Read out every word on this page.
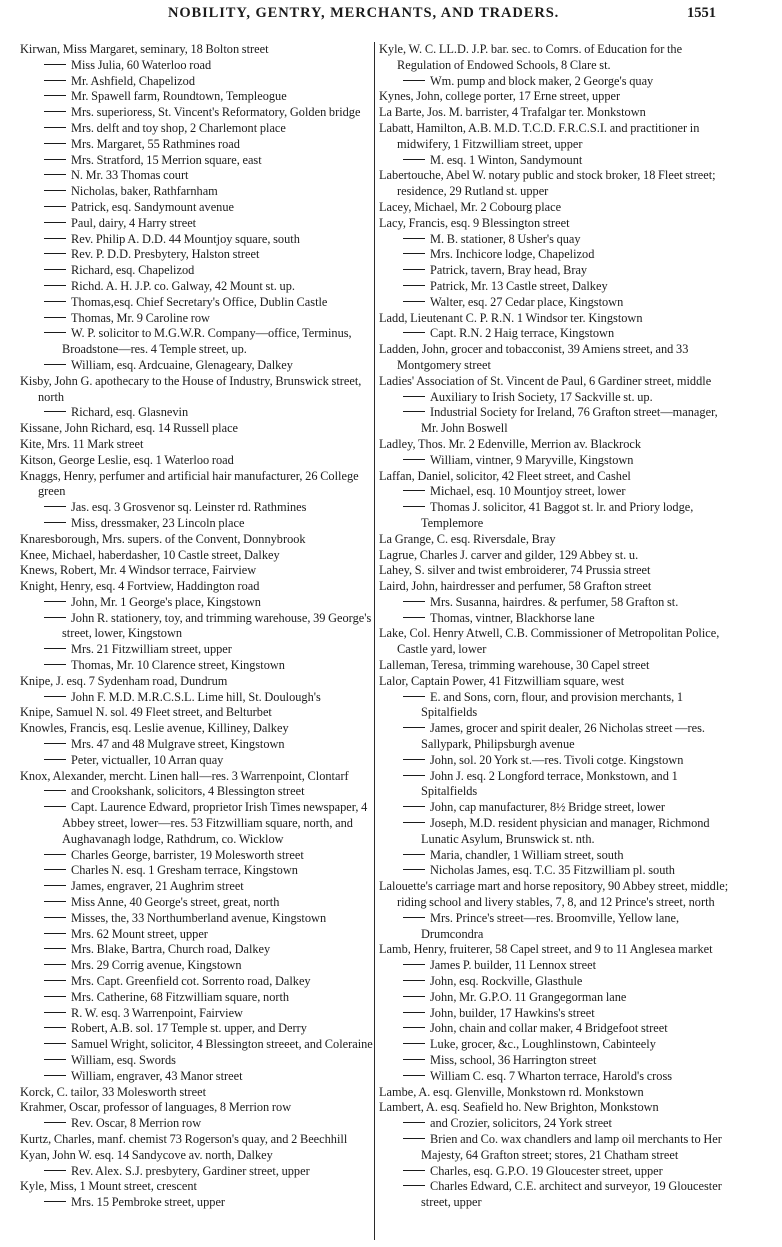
NOBILITY, GENTRY, MERCHANTS, AND TRADERS.	1551
Kirwan, Miss Margaret, seminary, 18 Bolton street
Miss Julia, 60 Waterloo road
Mr. Ashfield, Chapelizod
Mr. Spawell farm, Roundtown, Templeogue
Mrs. superioress, St. Vincent's Reformatory, Golden bridge
Mrs. delft and toy shop, 2 Charlemont place
Mrs. Margaret, 55 Rathmines road
Mrs. Stratford, 15 Merrion square, east
N. Mr. 33 Thomas court
Nicholas, baker, Rathfarnham
Patrick, esq. Sandymount avenue
Paul, dairy, 4 Harry street
Rev. Philip A. D.D. 44 Mountjoy square, south
Rev. P. D.D. Presbytery, Halston street
Richard, esq. Chapelizod
Richd. A. H. J.P. co. Galway, 42 Mount st. up.
Thomas,esq. Chief Secretary's Office, Dublin Castle
Thomas, Mr. 9 Caroline row
W. P. solicitor to M.G.W.R. Company—office, Terminus, Broadstone—res. 4 Temple street, up.
William, esq. Ardcuaine, Glenageary, Dalkey
Kisby, John G. apothecary to the House of Industry, Brunswick street, north
Richard, esq. Glasnevin
Kissane, John Richard, esq. 14 Russell place
Kite, Mrs. 11 Mark street
Kitson, George Leslie, esq. 1 Waterloo road
Knaggs, Henry, perfumer and artificial hair manufacturer, 26 College green
Jas. esq. 3 Grosvenor sq. Leinster rd. Rathmines
Miss, dressmaker, 23 Lincoln place
Knaresborough, Mrs. supers. of the Convent, Donnybrook
Knee, Michael, haberdasher, 10 Castle street, Dalkey
Knews, Robert, Mr. 4 Windsor terrace, Fairview
Knight, Henry, esq. 4 Fortview, Haddington road
John, Mr. 1 George's place, Kingstown
John R. stationery, toy, and trimming warehouse, 39 George's street, lower, Kingstown
Mrs. 21 Fitzwilliam street, upper
Thomas, Mr. 10 Clarence street, Kingstown
Knipe, J. esq. 7 Sydenham road, Dundrum
John F. M.D. M.R.C.S.L. Lime hill, St. Doulough's
Knipe, Samuel N. sol. 49 Fleet street, and Belturbet
Knowles, Francis, esq. Leslie avenue, Killiney, Dalkey
Mrs. 47 and 48 Mulgrave street, Kingstown
Peter, victualler, 10 Arran quay
Knox, Alexander, mercht. Linen hall—res. 3 Warrenpoint, Clontarf
and Crookshank, solicitors, 4 Blessington street
Capt. Laurence Edward, proprietor Irish Times newspaper, 4 Abbey street, lower—res. 53 Fitzwilliam square, north, and Aughavanagh lodge, Rathdrum, co. Wicklow
Charles George, barrister, 19 Molesworth street
Charles N. esq. 1 Gresham terrace, Kingstown
James, engraver, 21 Aughrim street
Miss Anne, 40 George's street, great, north
Misses, the, 33 Northumberland avenue, Kingstown
Mrs. 62 Mount street, upper
Mrs. Blake, Bartra, Church road, Dalkey
Mrs. 29 Corrig avenue, Kingstown
Mrs. Capt. Greenfield cot. Sorrento road, Dalkey
Mrs. Catherine, 68 Fitzwilliam square, north
R. W. esq. 3 Warrenpoint, Fairview
Robert, A.B. sol. 17 Temple st. upper, and Derry
Samuel Wright, solicitor, 4 Blessington streeet, and Coleraine
William, esq. Swords
William, engraver, 43 Manor street
Korck, C. tailor, 33 Molesworth street
Krahmer, Oscar, professor of languages, 8 Merrion row
Rev. Oscar, 8 Merrion row
Kurtz, Charles, manf. chemist 73 Rogerson's quay, and 2 Beechhill
Kyan, John W. esq. 14 Sandycove av. north, Dalkey
Rev. Alex. S.J. presbytery, Gardiner street, upper
Kyle, Miss, 1 Mount street, crescent
Mrs. 15 Pembroke street, upper
Kyle, W. C. LL.D. J.P. bar. sec. to Comrs. of Education for the Regulation of Endowed Schools, 8 Clare st.
Wm. pump and block maker, 2 George's quay
Kynes, John, college porter, 17 Erne street, upper
La Barte, Jos. M. barrister, 4 Trafalgar ter. Monkstown
Labatt, Hamilton, A.B. M.D. T.C.D. F.R.C.S.I. and practitioner in midwifery, 1 Fitzwilliam street, upper
M. esq. 1 Winton, Sandymount
Labertouche, Abel W. notary public and stock broker, 18 Fleet street; residence, 29 Rutland st. upper
Lacey, Michael, Mr. 2 Cobourg place
Lacy, Francis, esq. 9 Blessington street
M. B. stationer, 8 Usher's quay
Mrs. Inchicore lodge, Chapelizod
Patrick, tavern, Bray head, Bray
Patrick, Mr. 13 Castle street, Dalkey
Walter, esq. 27 Cedar place, Kingstown
Ladd, Lieutenant C. P. R.N. 1 Windsor ter. Kingstown
Capt. R.N. 2 Haig terrace, Kingstown
Ladden, John, grocer and tobacconist, 39 Amiens street, and 33 Montgomery street
Ladies' Association of St. Vincent de Paul, 6 Gardiner street, middle
Auxiliary to Irish Society, 17 Sackville st. up.
Industrial Society for Ireland, 76 Grafton street—manager, Mr. John Boswell
Ladley, Thos. Mr. 2 Edenville, Merrion av. Blackrock
William, vintner, 9 Maryville, Kingstown
Laffan, Daniel, solicitor, 42 Fleet street, and Cashel
Michael, esq. 10 Mountjoy street, lower
Thomas J. solicitor, 41 Baggot st. lr. and Priory lodge, Templemore
La Grange, C. esq. Riversdale, Bray
Lagrue, Charles J. carver and gilder, 129 Abbey st. u.
Lahey, S. silver and twist embroiderer, 74 Prussia street
Laird, John, hairdresser and perfumer, 58 Grafton street
Mrs. Susanna, hairdres. & perfumer, 58 Grafton st.
Thomas, vintner, Blackhorse lane
Lake, Col. Henry Atwell, C.B. Commissioner of Metropolitan Police, Castle yard, lower
Lalleman, Teresa, trimming warehouse, 30 Capel street
Lalor, Captain Power, 41 Fitzwilliam square, west
E. and Sons, corn, flour, and provision merchants, 1 Spitalfields
James, grocer and spirit dealer, 26 Nicholas street —res. Sallypark, Philipsburgh avenue
John, sol. 20 York st.—res. Tivoli cotge. Kingstown
John J. esq. 2 Longford terrace, Monkstown, and 1 Spitalfields
John, cap manufacturer, 8½ Bridge street, lower
Joseph, M.D. resident physician and manager, Richmond Lunatic Asylum, Brunswick st. nth.
Maria, chandler, 1 William street, south
Nicholas James, esq. T.C. 35 Fitzwilliam pl. south
Lalouette's carriage mart and horse repository, 90 Abbey street, middle; riding school and livery stables, 7, 8, and 12 Prince's street, north
Mrs. Prince's street—res. Broomville, Yellow lane, Drumcondra
Lamb, Henry, fruiterer, 58 Capel street, and 9 to 11 Anglesea market
James P. builder, 11 Lennox street
John, esq. Rockville, Glasthule
John, Mr. G.P.O. 11 Grangegorman lane
John, builder, 17 Hawkins's street
John, chain and collar maker, 4 Bridgefoot street
Luke, grocer, &c., Loughlinstown, Cabinteely
Miss, school, 36 Harrington street
William C. esq. 7 Wharton terrace, Harold's cross
Lambe, A. esq. Glenville, Monkstown rd. Monkstown
Lambert, A. esq. Seafield ho. New Brighton, Monkstown
and Crozier, solicitors, 24 York street
Brien and Co. wax chandlers and lamp oil merchants to Her Majesty, 64 Grafton street; stores, 21 Chatham street
Charles, esq. G.P.O. 19 Gloucester street, upper
Charles Edward, C.E. architect and surveyor, 19 Gloucester street, upper
